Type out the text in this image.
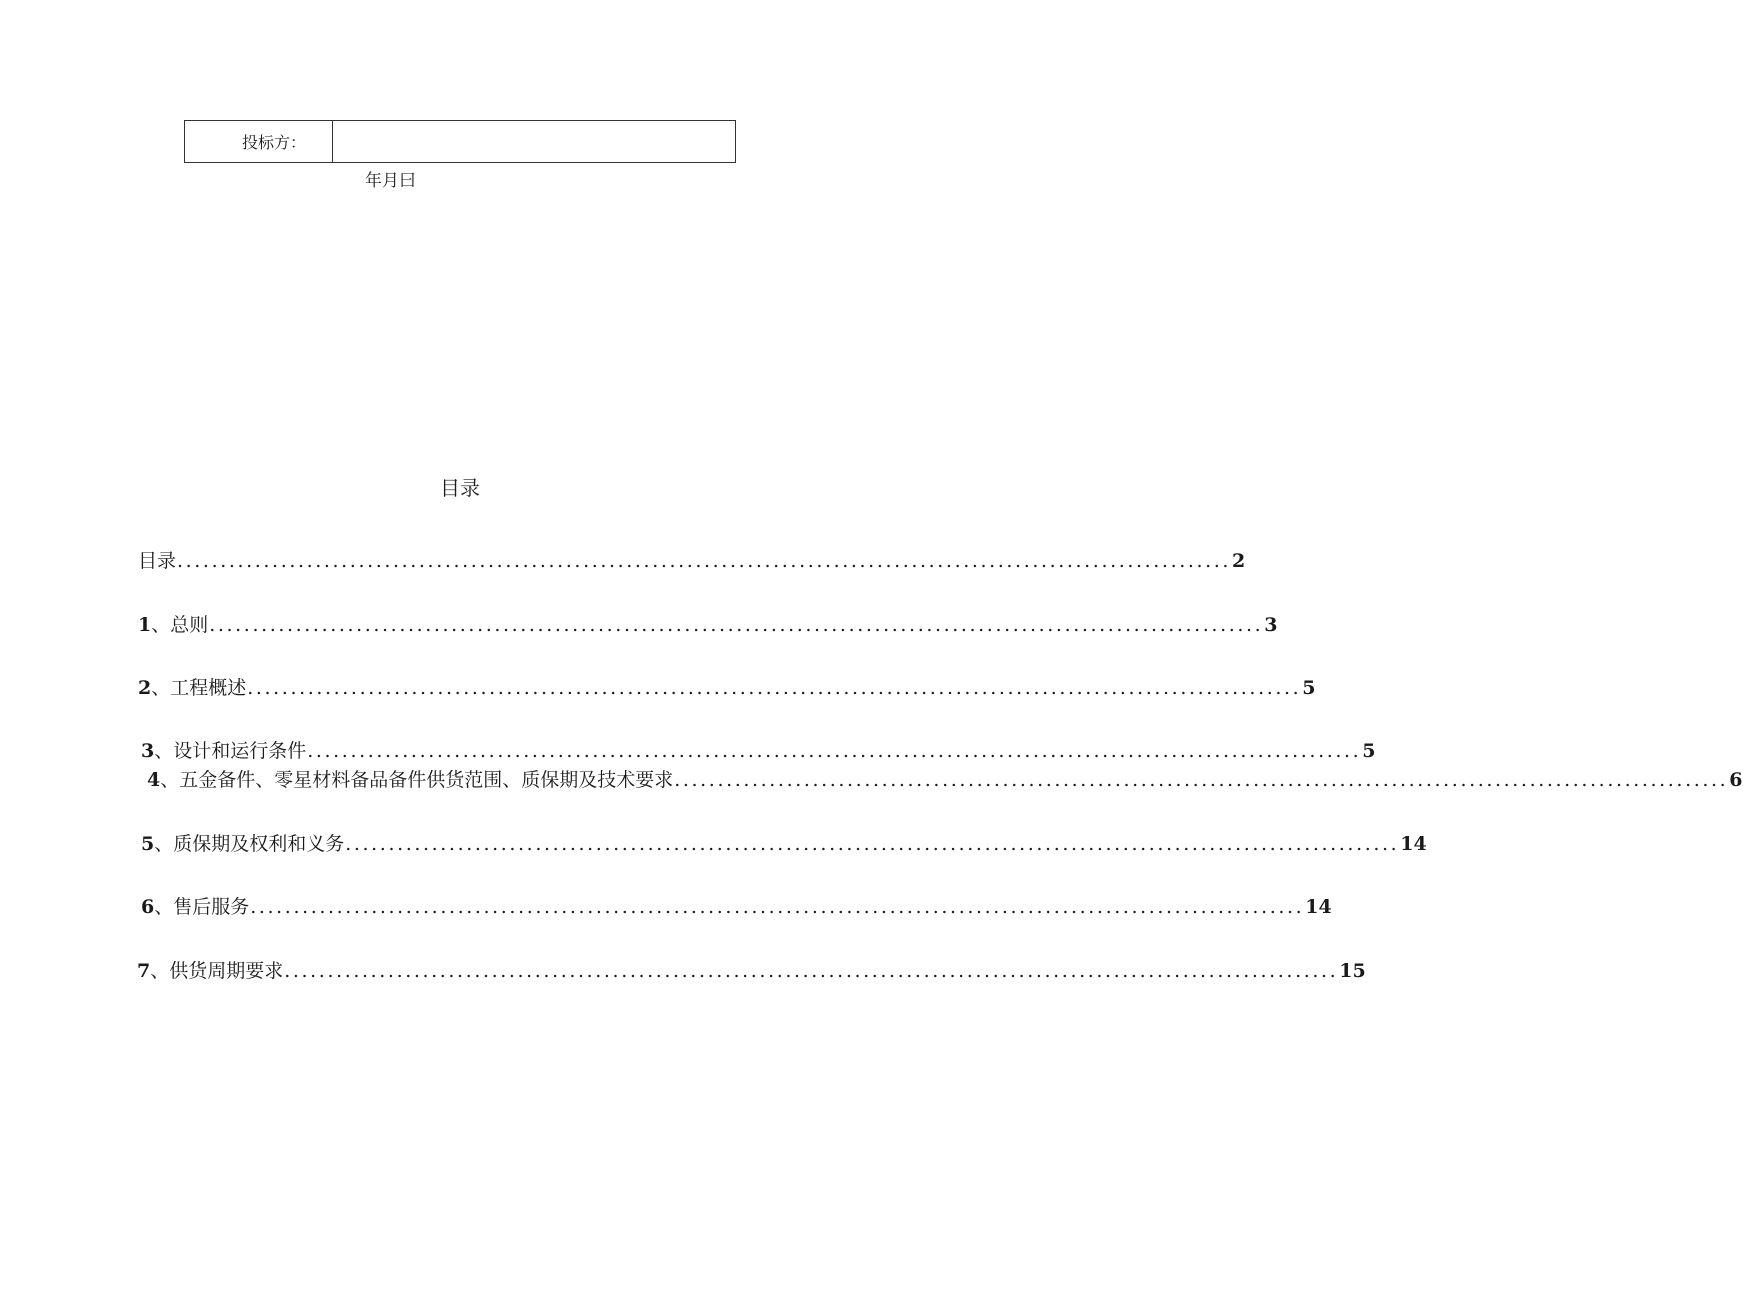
投标方：	
年月曰
目录
目录 .......................................................................................................................... 2
1 、总则 .......................................................................................................................... 3
2 、工程概述 .......................................................................................................................... 5
3 、设计和运行条件 .......................................................................................................................... 5
4 、五金备件、零星材料备品备件供货范围、质保期及技术要求 .......................................................................................................................... 6
5 、质保期及权利和义务 .......................................................................................................................... 14
6 、售后服务 .......................................................................................................................... 14
7 、供货周期要求 .......................................................................................................................... 15
